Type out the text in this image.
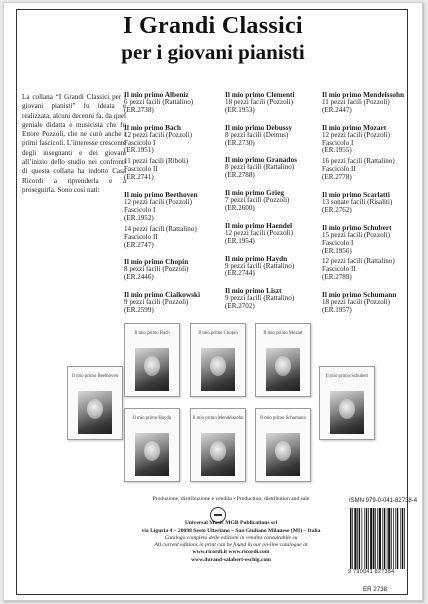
I Grandi Classici
per i giovani pianisti
La collana “I Grandi Classici per i giovani pianisti” fu ideata e realizzata, alcuni decenni fa, da quel geniale didatta e musicista che fu Ettore Pozzoli, che ne curò anche i primi fascicoli. L’interesse crescente degli insegnanti e dei giovani all’inizio dello studio nei confronti di questa collana ha indotto Casa Ricordi a riprenderla e a proseguirla. Sono così nati:
Il mio primo Albeniz
6 pezzi facili (Rattalino)
(ER.2738)
Il mio primo Bach
12 pezzi facili (Pozzoli)
Fascicolo I
(ER.1951)
11 pezzi facili (Riboli)
Fascicolo II
(ER.2741)
Il mio primo Beethoven
12 pezzi facili (Pozzoli)
Fascicolo I
(ER.1952)
14 pezzi facili (Rattalino)
Fascicolo II
(ER.2747)
Il mio primo Chopin
8 pezzi facili (Pozzoli)
(ER.2446)
Il mio primo Ciaikowski
9 pezzi facili (Pozzoli)
(ER.2599)
Il mio primo Clementi
18 pezzi facili (Pozzoli)
(ER.1953)
Il mio primo Debussy
8 pezzi facili (Demus)
(ER.2730)
Il mio primo Granados
8 pezzi facili (Rattalino)
(ER.2788)
Il mio primo Grieg
7 pezzi facili (Pozzoli)
(ER.2600)
Il mio primo Haendel
12 pezzi facili (Pozzoli)
(ER.1954)
Il mio primo Haydn
9 pezzi facili (Rattalino)
(ER.2744)
Il mio primo Liszt
9 pezzi facili (Rattalino)
(ER.2702)
Il mio primo Mendelssohn
11 pezzi facili (Pozzoli)
(ER.2447)
Il mio primo Mozart
12 pezzi facili (Pozzoli)
Fascicolo I
(ER.1955)
16 pezzi facili (Rattalino)
Fascicolo II
(ER.2778)
Il mio primo Scarlatti
13 sonate facili (Risaliti)
(ER.2762)
Il mio primo Schubert
15 pezzi facili (Pozzoli)
Fascicolo I
(ER.1956)
12 pezzi facili (Rattalino)
Fascicolo II
(ER.2789)
Il mio primo Schumann
18 pezzi facili (Pozzoli)
(ER.1957)
Il mio primo Beethoven
Il mio primo Bach	Il mio primo Chopin	Il mio primo Mozart
Il mio primo Schubert
Il mio primo Haydn	Il mio primo Mendelssohn	Il mio primo Schumann
Produzione, distribuzione e vendita • Production, distribution and sale
Universal Music MGB Publications srl
via Liguria 4 – 20098 Sesto Ulteriano – San Giuliano Milanese (MI) – Italia
Catalogo completo delle edizioni in vendita consultabile su
All current editions in print can be found in our on-line catalogue at
www.ricordi.it www.ricordi.com
www.durand-salabert-eschig.com
ISMN 979-0-041-82738-4
9 790041 827384
ER 2738
